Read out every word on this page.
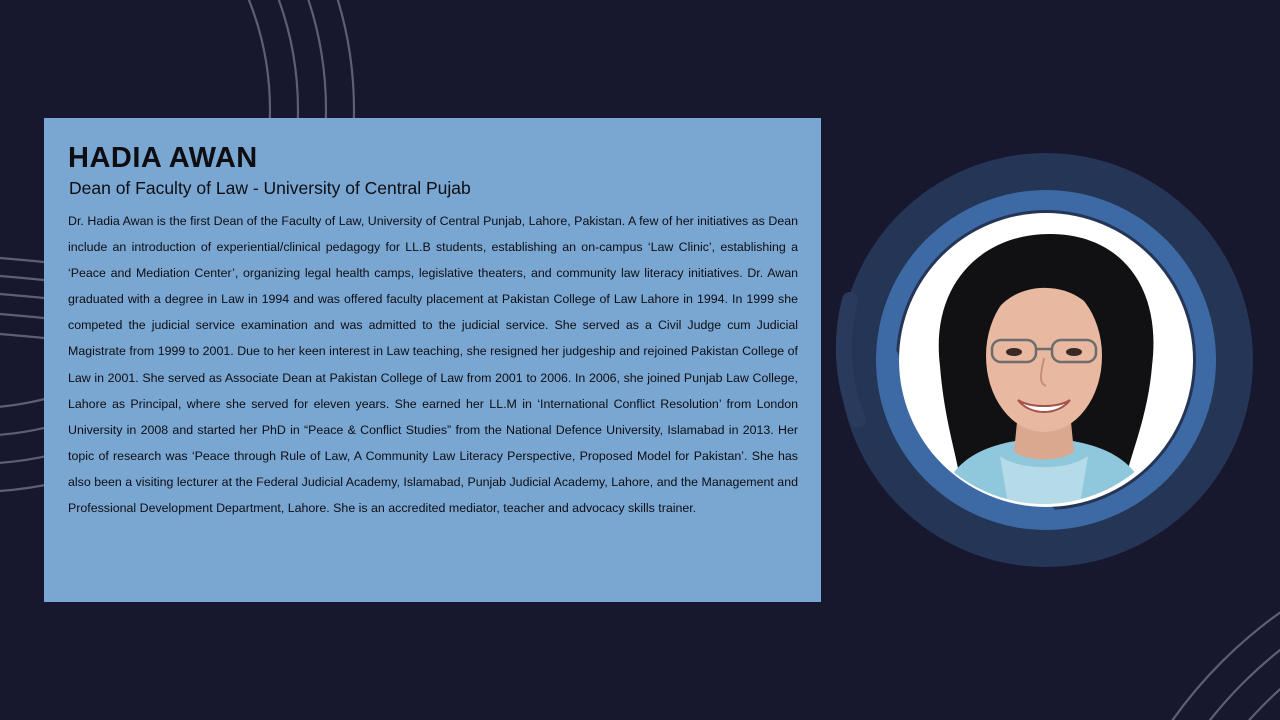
HADIA AWAN
Dean of Faculty of Law - University of Central Pujab

Dr. Hadia Awan is the first Dean of the Faculty of Law, University of Central Punjab, Lahore, Pakistan. A few of her initiatives as Dean include an introduction of experiential/clinical pedagogy for LL.B students, establishing an on-campus ‘Law Clinic’, establishing a ‘Peace and Mediation Center’, organizing legal health camps, legislative theaters, and community law literacy initiatives. Dr. Awan graduated with a degree in Law in 1994 and was offered faculty placement at Pakistan College of Law Lahore in 1994. In 1999 she competed the judicial service examination and was admitted to the judicial service. She served as a Civil Judge cum Judicial Magistrate from 1999 to 2001. Due to her keen interest in Law teaching, she resigned her judgeship and rejoined Pakistan College of Law in 2001. She served as Associate Dean at Pakistan College of Law from 2001 to 2006. In 2006, she joined Punjab Law College, Lahore as Principal, where she served for eleven years. She earned her LL.M in ‘International Conflict Resolution’ from London University in 2008 and started her PhD in “Peace & Conflict Studies” from the National Defence University, Islamabad in 2013. Her topic of research was ‘Peace through Rule of Law, A Community Law Literacy Perspective, Proposed Model for Pakistan’. She has also been a visiting lecturer at the Federal Judicial Academy, Islamabad, Punjab Judicial Academy, Lahore, and the Management and Professional Development Department, Lahore. She is an accredited mediator, teacher and advocacy skills trainer.
